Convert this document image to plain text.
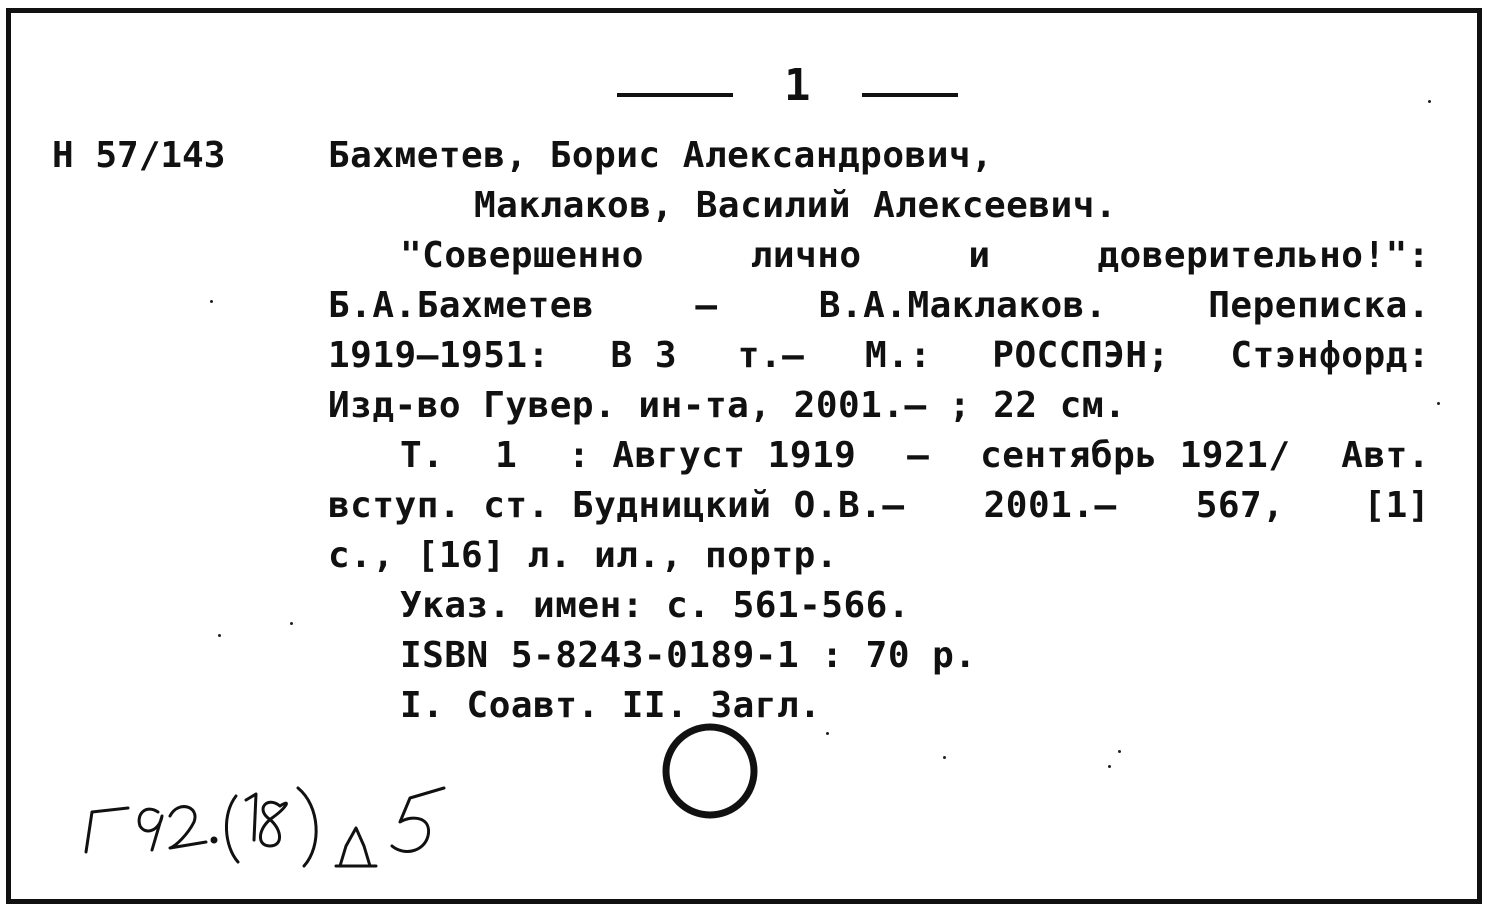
1
Н 57/143	Бахметев, Борис Александрович,
Маклаков, Василий Алексеевич.
"Совершенно	лично	и	доверительно!":
Б.А.Бахметев	–	В.А.Маклаков.	Переписка.
1919–1951: В 3 т.– М.: РОССПЭН; Стэнфорд:
Изд-во Гувер. ин-та, 2001.– ; 22 см.
Т. 1 : Август 1919 – сентябрь 1921/ Авт.
вступ. ст. Будницкий О.В.– 2001.– 567, [1]
с., [16] л. ил., портр.
Указ. имен: с. 561-566.
ISBN 5-8243-0189-1 : 70 р.
I. Соавт. II. Загл.
